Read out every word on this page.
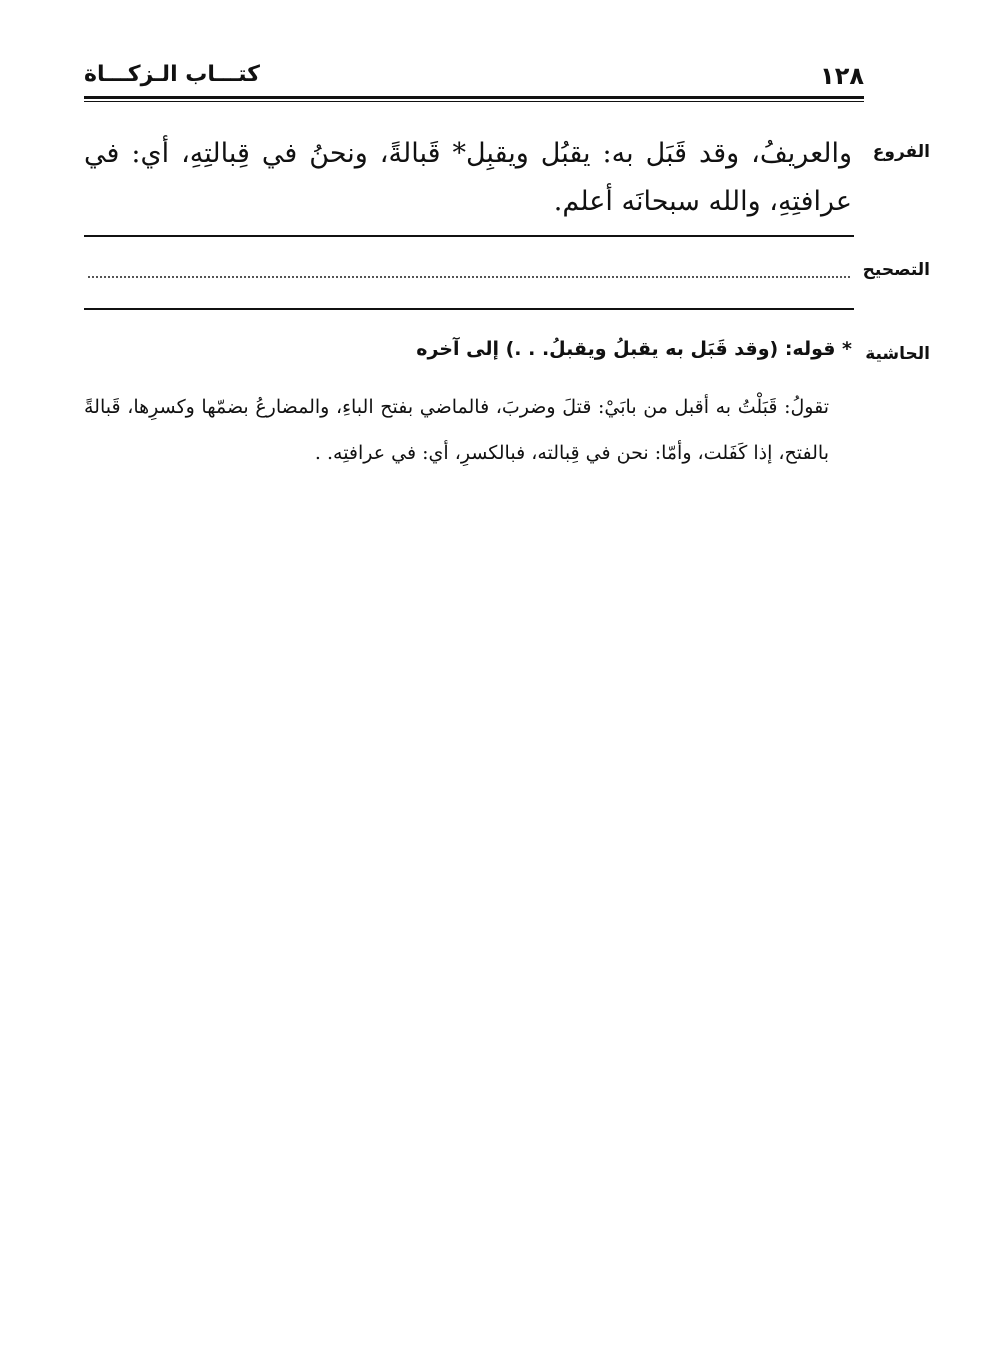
١٢٨
كتـــاب الـزكـــاة
الفروع
والعريفُ، وقد قَبَل به: يقبُل ويقبِل* قَبالةً، ونحنُ في قِبالتِهِ، أي: في عرافتِهِ، والله سبحانَه أعلم.
التصحيح
الحاشية
* قوله: (وقد قَبَل به يقبلُ ويقبلُ. . .) إلى آخره
تقولُ: قَبَلْتُ به أقبل من بابَيْ: قتلَ وضربَ، فالماضي بفتح الباءِ، والمضارعُ بضمّها وكسرِها، قَبالةً بالفتح، إذا كَفَلت، وأمّا: نحن في قِبالته، فبالكسرِ، أي: في عرافتِه. .
